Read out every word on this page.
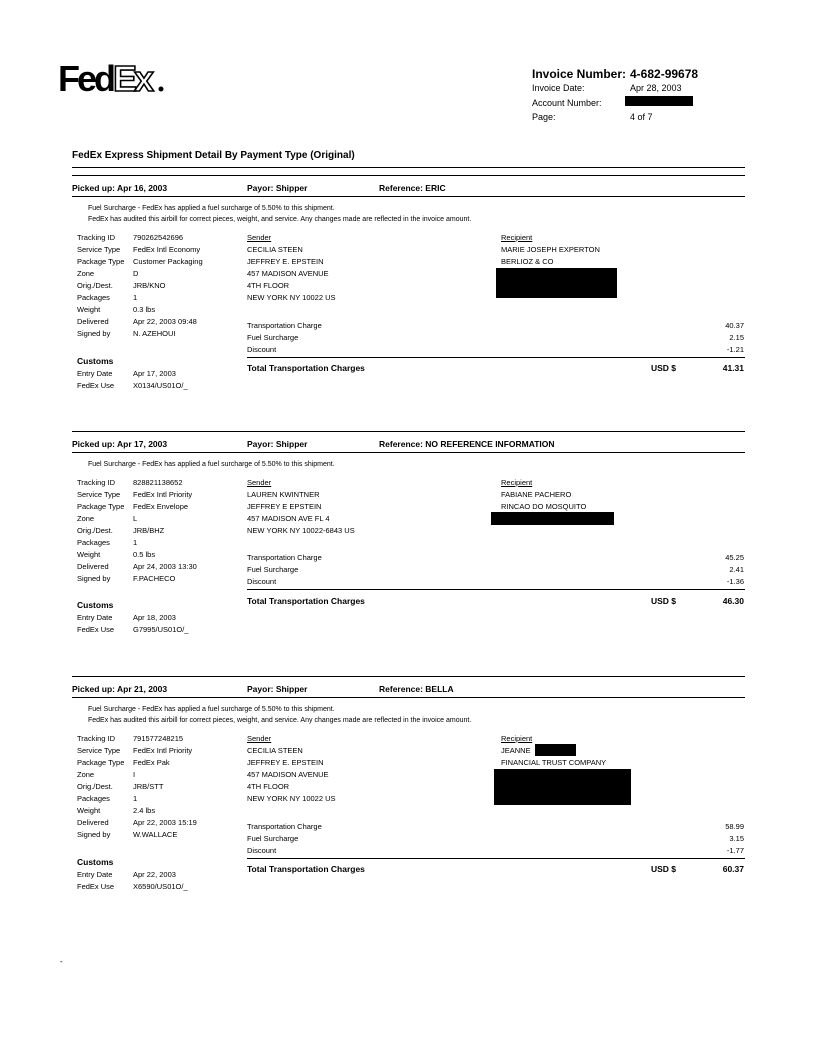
Fed Ex	Invoice Number: 4-682-99678
Invoice Date:	Apr 28, 2003
Account Number:
Page:	4 of 7
FedEx Express Shipment Detail By Payment Type (Original)
Picked up: Apr 16, 2003	Payor: Shipper	Reference: ERIC
Fuel Surcharge - FedEx has applied a fuel surcharge of 5.50% to this shipment.
FedEx has audited this airbill for correct pieces, weight, and service. Any changes made are reflected in the invoice amount.
Tracking ID 790262542696
Service Type FedEx Intl Economy
Package Type Customer Packaging
Zone	D
Orig./Dest.	JRB/KNO
Packages	1
Weight	0.3 lbs
Delivered	Apr 22, 2003 09:48
Signed by	N. AZEHOUI
Sender
CECILIA STEEN
JEFFREY E. EPSTEIN
457 MADISON AVENUE
4TH FLOOR
NEW YORK NY 10022 US
Recipient
MARIE JOSEPH EXPERTON
BERLIOZ & CO
Transportation Charge	40.37
Fuel Surcharge	2.15
Discount	-1.21
Total Transportation Charges	USD $	41.31
Customs
Entry Date	Apr 17, 2003
FedEx Use	X0134/US01O/_
Picked up: Apr 17, 2003	Payor: Shipper	Reference: NO REFERENCE INFORMATION
Fuel Surcharge - FedEx has applied a fuel surcharge of 5.50% to this shipment.
Tracking ID 828821138652
Service Type FedEx Intl Priority
Package Type FedEx Envelope
Zone	L
Orig./Dest.	JRB/BHZ
Packages	1
Weight	0.5 lbs
Delivered	Apr 24, 2003 13:30
Signed by	F.PACHECO
Sender
LAUREN KWINTNER
JEFFREY E EPSTEIN
457 MADISON AVE FL 4
NEW YORK NY 10022-6843 US
Recipient
FABIANE PACHERO
RINCAO DO MOSQUITO
Transportation Charge	45.25
Fuel Surcharge	2.41
Discount	-1.36
Total Transportation Charges	USD $	46.30
Customs
Entry Date	Apr 18, 2003
FedEx Use	G7995/US01O/_
Picked up: Apr 21, 2003	Payor: Shipper	Reference: BELLA
Fuel Surcharge - FedEx has applied a fuel surcharge of 5.50% to this shipment.
FedEx has audited this airbill for correct pieces, weight, and service. Any changes made are reflected in the invoice amount.
Tracking ID 791577248215
Service Type FedEx Intl Priority
Package Type FedEx Pak
Zone	I
Orig./Dest.	JRB/STT
Packages	1
Weight	2.4 lbs
Delivered	Apr 22, 2003 15:19
Signed by	W.WALLACE
Sender
CECILIA STEEN
JEFFREY E. EPSTEIN
457 MADISON AVENUE
4TH FLOOR
NEW YORK NY 10022 US
Recipient
JEANNE
FINANCIAL TRUST COMPANY
Transportation Charge	58.99
Fuel Surcharge	3.15
Discount	-1.77
Total Transportation Charges	USD $	60.37
Customs
Entry Date	Apr 22, 2003
FedEx Use	X6590/US01O/_
-
